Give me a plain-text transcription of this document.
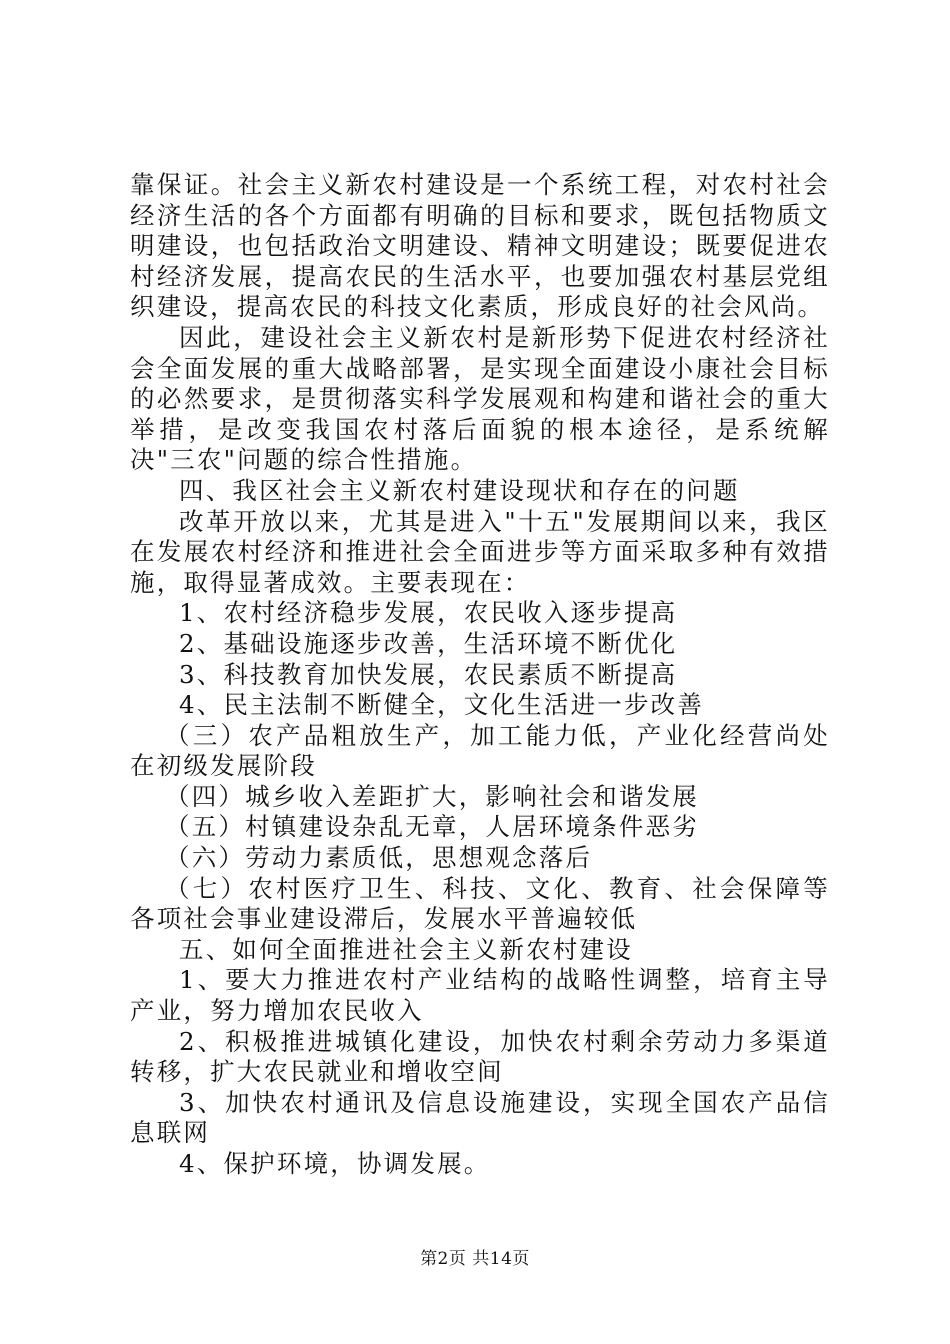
靠保证。社会主义新农村建设是一个系统工程，对农村社会经济生活的各个方面都有明确的目标和要求，既包括物质文明建设，也包括政治文明建设、精神文明建设；既要促进农村经济发展，提高农民的生活水平，也要加强农村基层党组织建设，提高农民的科技文化素质，形成良好的社会风尚。

因此，建设社会主义新农村是新形势下促进农村经济社会全面发展的重大战略部署，是实现全面建设小康社会目标的必然要求，是贯彻落实科学发展观和构建和谐社会的重大举措，是改变我国农村落后面貌的根本途径，是系统解决"三农"问题的综合性措施。

四、我区社会主义新农村建设现状和存在的问题

改革开放以来，尤其是进入"十五"发展期间以来，我区在发展农村经济和推进社会全面进步等方面采取多种有效措施，取得显著成效。主要表现在：

1、农村经济稳步发展，农民收入逐步提高

2、基础设施逐步改善，生活环境不断优化

3、科技教育加快发展，农民素质不断提高

4、民主法制不断健全，文化生活进一步改善

（三）农产品粗放生产，加工能力低，产业化经营尚处在初级发展阶段

（四）城乡收入差距扩大，影响社会和谐发展

（五）村镇建设杂乱无章，人居环境条件恶劣

（六）劳动力素质低，思想观念落后

（七）农村医疗卫生、科技、文化、教育、社会保障等各项社会事业建设滞后，发展水平普遍较低

五、如何全面推进社会主义新农村建设

1、要大力推进农村产业结构的战略性调整，培育主导产业，努力增加农民收入

2、积极推进城镇化建设，加快农村剩余劳动力多渠道转移，扩大农民就业和增收空间

3、加快农村通讯及信息设施建设，实现全国农产品信息联网

4、保护环境，协调发展。

第2页 共14页
